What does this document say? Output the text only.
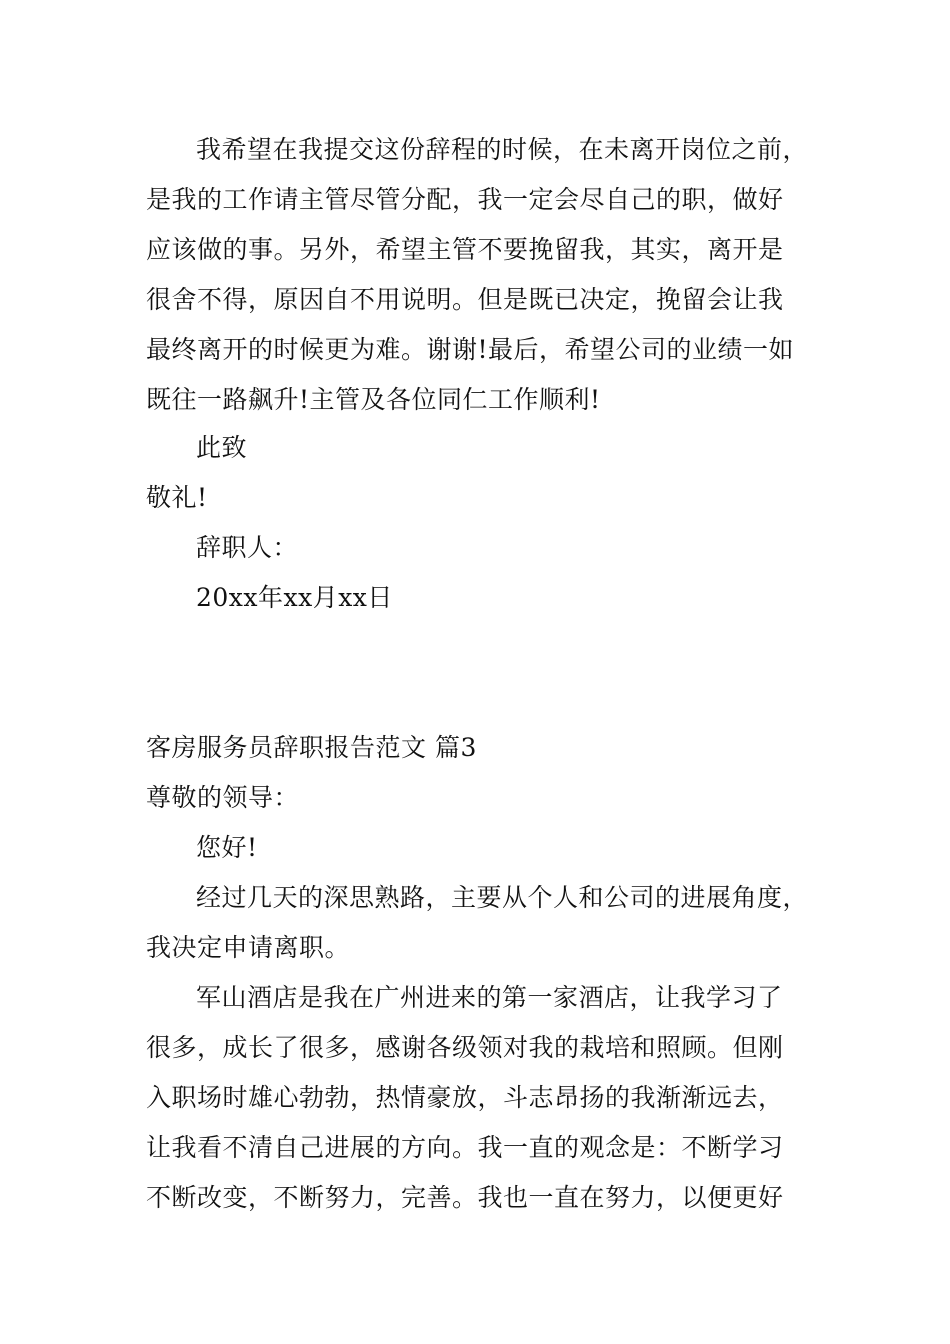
我希望在我提交这份辞程的时候，在未离开岗位之前，
是我的工作请主管尽管分配，我一定会尽自己的职，做好
应该做的事。另外，希望主管不要挽留我，其实，离开是
很舍不得，原因自不用说明。但是既已决定，挽留会让我
最终离开的时候更为难。谢谢!最后，希望公司的业绩一如
既往一路飙升!主管及各位同仁工作顺利!
此致
敬礼!
辞职人：
20xx年xx月xx日
客房服务员辞职报告范文 篇3
尊敬的领导：
您好!
经过几天的深思熟路，主要从个人和公司的进展角度，
我决定申请离职。
军山酒店是我在广州进来的第一家酒店，让我学习了
很多，成长了很多，感谢各级领对我的栽培和照顾。但刚
入职场时雄心勃勃，热情豪放，斗志昂扬的我渐渐远去，
让我看不清自己进展的方向。我一直的观念是：不断学习
不断改变，不断努力，完善。我也一直在努力，以便更好
